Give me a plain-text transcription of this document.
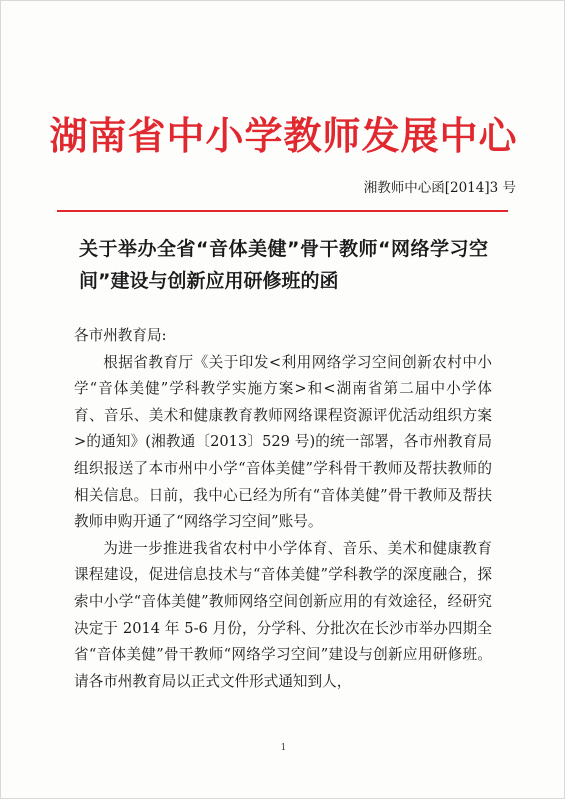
湖南省中小学教师发展中心
湘教师中心函[2014]3 号
关于举办全省“音体美健”骨干教师“网络学习空间”建设与创新应用研修班的函

各市州教育局:

根据省教育厅《关于印发<利用网络学习空间创新农村中小学“音体美健”学科教学实施方案>和<湖南省第二届中小学体育、音乐、美术和健康教育教师网络课程资源评优活动组织方案>的通知》(湘教通〔2013〕529 号)的统一部署，各市州教育局组织报送了本市州中小学“音体美健”学科骨干教师及帮扶教师的相关信息。日前，我中心已经为所有“音体美健”骨干教师及帮扶教师申购开通了“网络学习空间”账号。

为进一步推进我省农村中小学体育、音乐、美术和健康教育课程建设，促进信息技术与“音体美健”学科教学的深度融合，探索中小学“音体美健”教师网络空间创新应用的有效途径，经研究决定于 2014 年 5-6 月份，分学科、分批次在长沙市举办四期全省“音体美健”骨干教师“网络学习空间”建设与创新应用研修班。请各市州教育局以正式文件形式通知到人，

1
